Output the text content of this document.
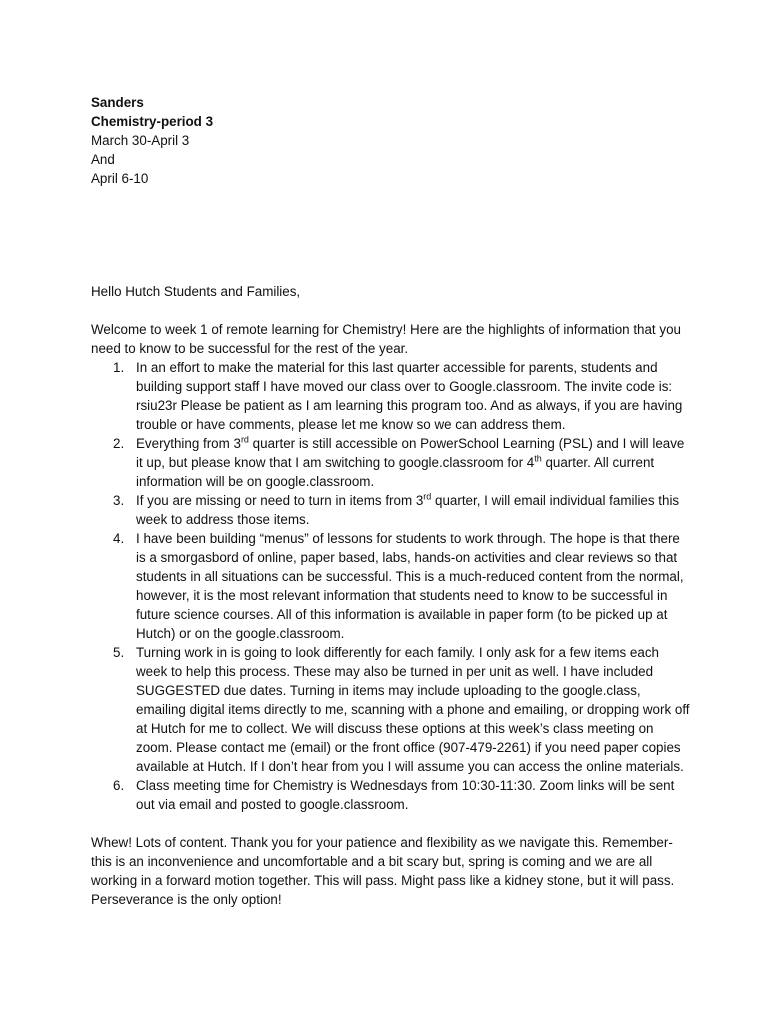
Sanders
Chemistry-period 3
March 30-April 3
And
April 6-10

Hello Hutch Students and Families,

Welcome to week 1 of remote learning for Chemistry! Here are the highlights of information that you need to know to be successful for the rest of the year.

1. In an effort to make the material for this last quarter accessible for parents, students and building support staff I have moved our class over to Google.classroom. The invite code is: rsiu23r Please be patient as I am learning this program too. And as always, if you are having trouble or have comments, please let me know so we can address them.
2. Everything from 3rd quarter is still accessible on PowerSchool Learning (PSL) and I will leave it up, but please know that I am switching to google.classroom for 4th quarter. All current information will be on google.classroom.
3. If you are missing or need to turn in items from 3rd quarter, I will email individual families this week to address those items.
4. I have been building “menus” of lessons for students to work through. The hope is that there is a smorgasbord of online, paper based, labs, hands-on activities and clear reviews so that students in all situations can be successful. This is a much-reduced content from the normal, however, it is the most relevant information that students need to know to be successful in future science courses. All of this information is available in paper form (to be picked up at Hutch) or on the google.classroom.
5. Turning work in is going to look differently for each family. I only ask for a few items each week to help this process. These may also be turned in per unit as well. I have included SUGGESTED due dates. Turning in items may include uploading to the google.class, emailing digital items directly to me, scanning with a phone and emailing, or dropping work off at Hutch for me to collect. We will discuss these options at this week’s class meeting on zoom. Please contact me (email) or the front office (907-479-2261) if you need paper copies available at Hutch. If I don’t hear from you I will assume you can access the online materials.
6. Class meeting time for Chemistry is Wednesdays from 10:30-11:30. Zoom links will be sent out via email and posted to google.classroom.

Whew! Lots of content. Thank you for your patience and flexibility as we navigate this. Remember-this is an inconvenience and uncomfortable and a bit scary but, spring is coming and we are all working in a forward motion together. This will pass. Might pass like a kidney stone, but it will pass. Perseverance is the only option!
